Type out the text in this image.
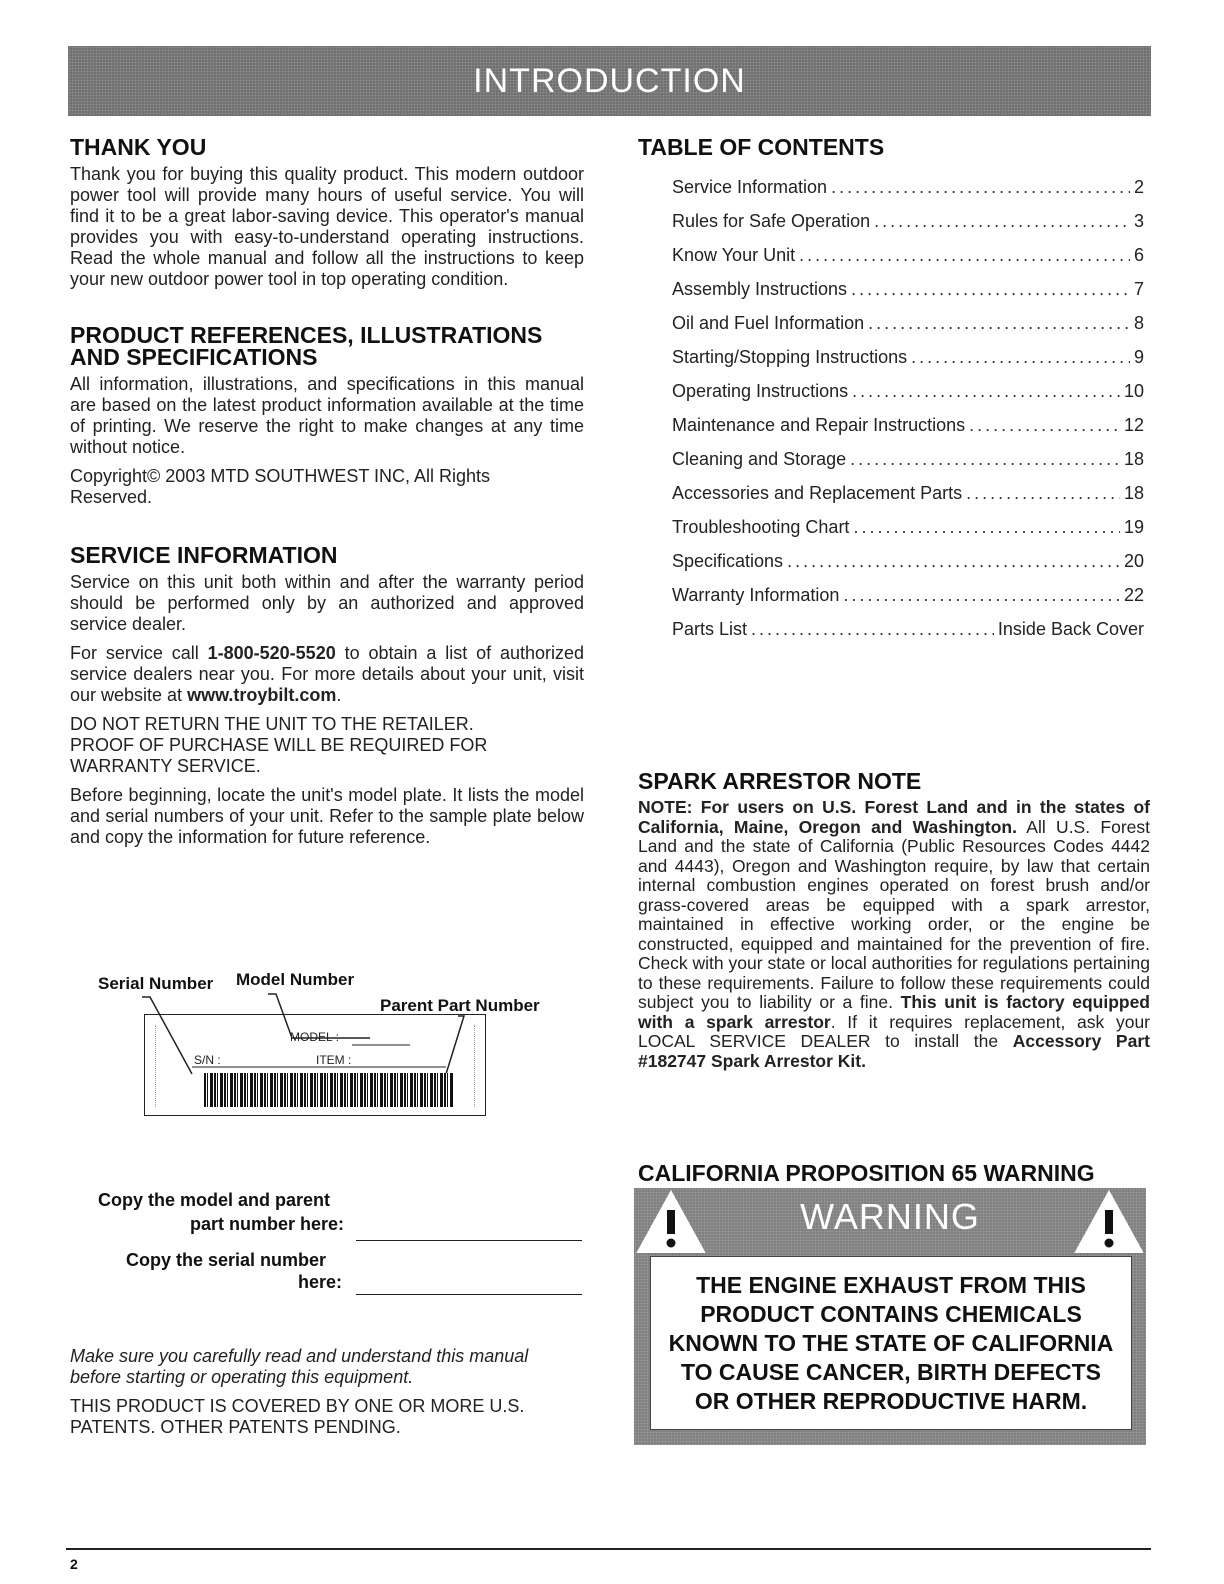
INTRODUCTION
THANK YOU

Thank you for buying this quality product. This modern outdoor power tool will provide many hours of useful service. You will find it to be a great labor-saving device. This operator's manual provides you with easy-to-understand operating instructions. Read the whole manual and follow all the instructions to keep your new outdoor power tool in top operating condition.

PRODUCT REFERENCES, ILLUSTRATIONS
AND SPECIFICATIONS

All information, illustrations, and specifications in this manual are based on the latest product information available at the time of printing. We reserve the right to make changes at any time without notice.

Copyright© 2003 MTD SOUTHWEST INC, All Rights Reserved.

SERVICE INFORMATION

Service on this unit both within and after the warranty period should be performed only by an authorized and approved service dealer.

For service call 1-800-520-5520 to obtain a list of authorized service dealers near you. For more details about your unit, visit our website at www.troybilt.com.

DO NOT RETURN THE UNIT TO THE RETAILER.

PROOF OF PURCHASE WILL BE REQUIRED FOR WARRANTY SERVICE.

Before beginning, locate the unit's model plate. It lists the model and serial numbers of your unit. Refer to the sample plate below and copy the information for future reference.

Serial Number Model Number
Parent Part Number
MODEL :
S/N :	ITEM :
Copy the model and parent
part number here:
Copy the serial number
here:

Make sure you carefully read and understand this manual before starting or operating this equipment.

THIS PRODUCT IS COVERED BY ONE OR MORE U.S. PATENTS. OTHER PATENTS PENDING.

TABLE OF CONTENTS
Service Information .....	2
Rules for Safe Operation .....	3
Know Your Unit .....	6
Assembly Instructions .....	7
Oil and Fuel Information .....	8
Starting/Stopping Instructions .....	9
Operating Instructions .....	10
Maintenance and Repair Instructions .....	12
Cleaning and Storage .....	18
Accessories and Replacement Parts .....	18
Troubleshooting Chart .....	19
Specifications .....	20
Warranty Information .....	22
Parts List .....	Inside Back Cover
SPARK ARRESTOR NOTE

NOTE: For users on U.S. Forest Land and in the states of California, Maine, Oregon and Washington. All U.S. Forest Land and the state of California (Public Resources Codes 4442 and 4443), Oregon and Washington require, by law that certain internal combustion engines operated on forest brush and/or grass-covered areas be equipped with a spark arrestor, maintained in effective working order, or the engine be constructed, equipped and maintained for the prevention of fire. Check with your state or local authorities for regulations pertaining to these requirements. Failure to follow these requirements could subject you to liability or a fine. This unit is factory equipped with a spark arrestor. If it requires replacement, ask your LOCAL SERVICE DEALER to install the Accessory Part #182747 Spark Arrestor Kit.

CALIFORNIA PROPOSITION 65 WARNING
WARNING
THE ENGINE EXHAUST FROM THIS
PRODUCT CONTAINS CHEMICALS
KNOWN TO THE STATE OF CALIFORNIA
TO CAUSE CANCER, BIRTH DEFECTS
OR OTHER REPRODUCTIVE HARM.
2
